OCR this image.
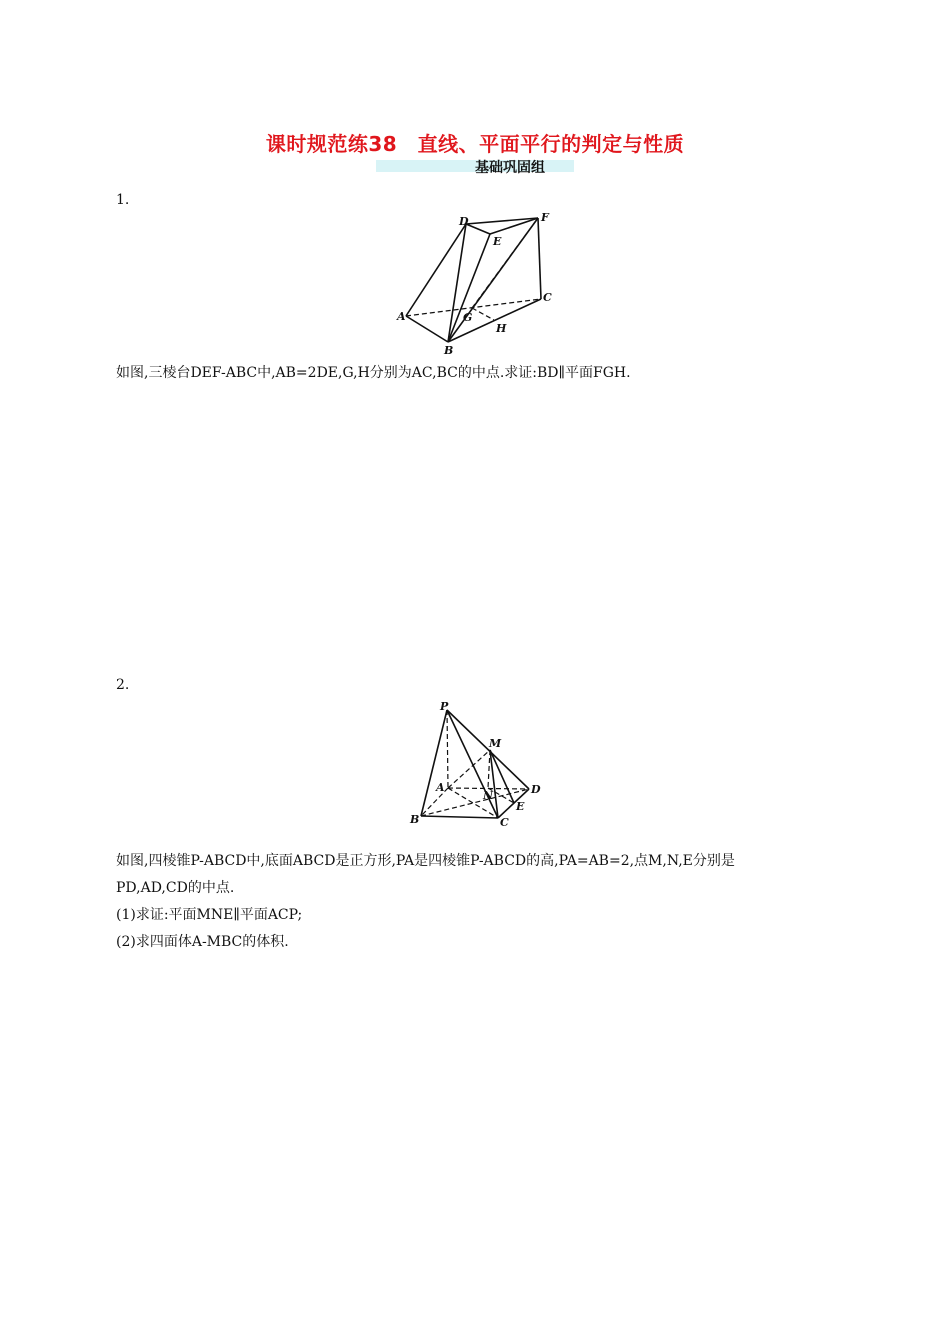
课时规范练38　直线、平面平行的判定与性质
基础巩固组
1.
D
E
F
A
B
C
G
H
如图,三棱台DEF-ABC中,AB=2DE,G,H分别为AC,BC的中点.求证:BD∥平面FGH.
2.
P
M
A
N	D
E
B	C
如图,四棱锥P-ABCD中,底面ABCD是正方形,PA是四棱锥P-ABCD的高,PA=AB=2,点M,N,E分别是
PD,AD,CD的中点.
(1)求证:平面MNE∥平面ACP;
(2)求四面体A-MBC的体积.
